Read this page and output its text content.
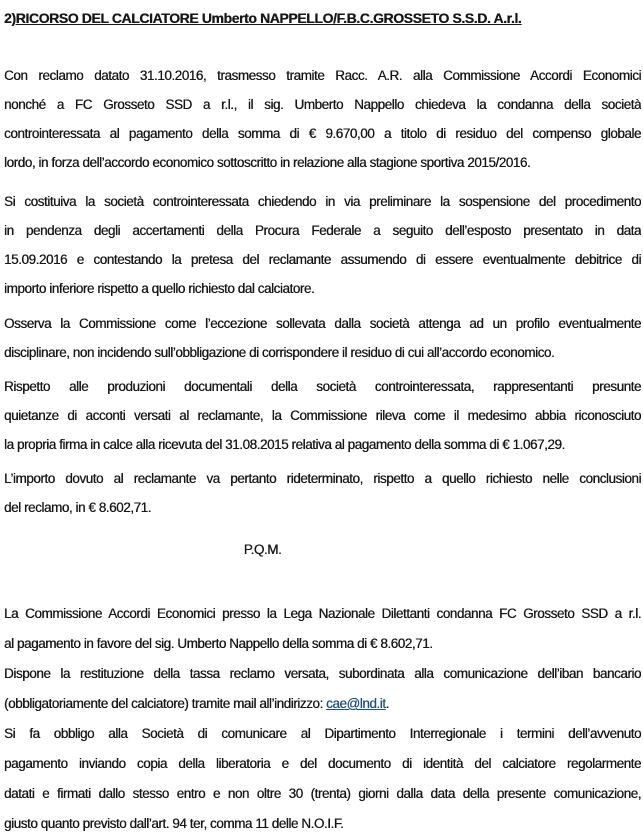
2)RICORSO DEL CALCIATORE Umberto NAPPELLO/F.B.C.GROSSETO S.S.D. A.r.l.
Con reclamo datato 31.10.2016, trasmesso tramite Racc. A.R. alla Commissione Accordi Economici
nonché a FC Grosseto SSD a r.l., il sig. Umberto Nappello chiedeva la condanna della società
controinteressata al pagamento della somma di € 9.670,00 a titolo di residuo del compenso globale
lordo, in forza dell’accordo economico sottoscritto in relazione alla stagione sportiva 2015/2016.
Si costituiva la società controinteressata chiedendo in via preliminare la sospensione del procedimento
in pendenza degli accertamenti della Procura Federale a seguito dell’esposto presentato in data
15.09.2016 e contestando la pretesa del reclamante assumendo di essere eventualmente debitrice di
importo inferiore rispetto a quello richiesto dal calciatore.
Osserva la Commissione come l’eccezione sollevata dalla società attenga ad un profilo eventualmente
disciplinare, non incidendo sull’obbligazione di corrispondere il residuo di cui all’accordo economico.
Rispetto alle produzioni documentali della società controinteressata, rappresentanti presunte
quietanze di acconti versati al reclamante, la Commissione rileva come il medesimo abbia riconosciuto
la propria firma in calce alla ricevuta del 31.08.2015 relativa al pagamento della somma di € 1.067,29.
L’importo dovuto al reclamante va pertanto rideterminato, rispetto a quello richiesto nelle conclusioni
del reclamo, in € 8.602,71.
P.Q.M.
La Commissione Accordi Economici presso la Lega Nazionale Dilettanti condanna FC Grosseto SSD a r.l.
al pagamento in favore del sig. Umberto Nappello della somma di € 8.602,71.
Dispone la restituzione della tassa reclamo versata, subordinata alla comunicazione dell’iban bancario
(obbligatoriamente del calciatore) tramite mail all’indirizzo: cae@lnd.it.
Si fa obbligo alla Società di comunicare al Dipartimento Interregionale i termini dell’avvenuto
pagamento inviando copia della liberatoria e del documento di identità del calciatore regolarmente
datati e firmati dallo stesso entro e non oltre 30 (trenta) giorni dalla data della presente comunicazione,
giusto quanto previsto dall’art. 94 ter, comma 11 delle N.O.I.F.
